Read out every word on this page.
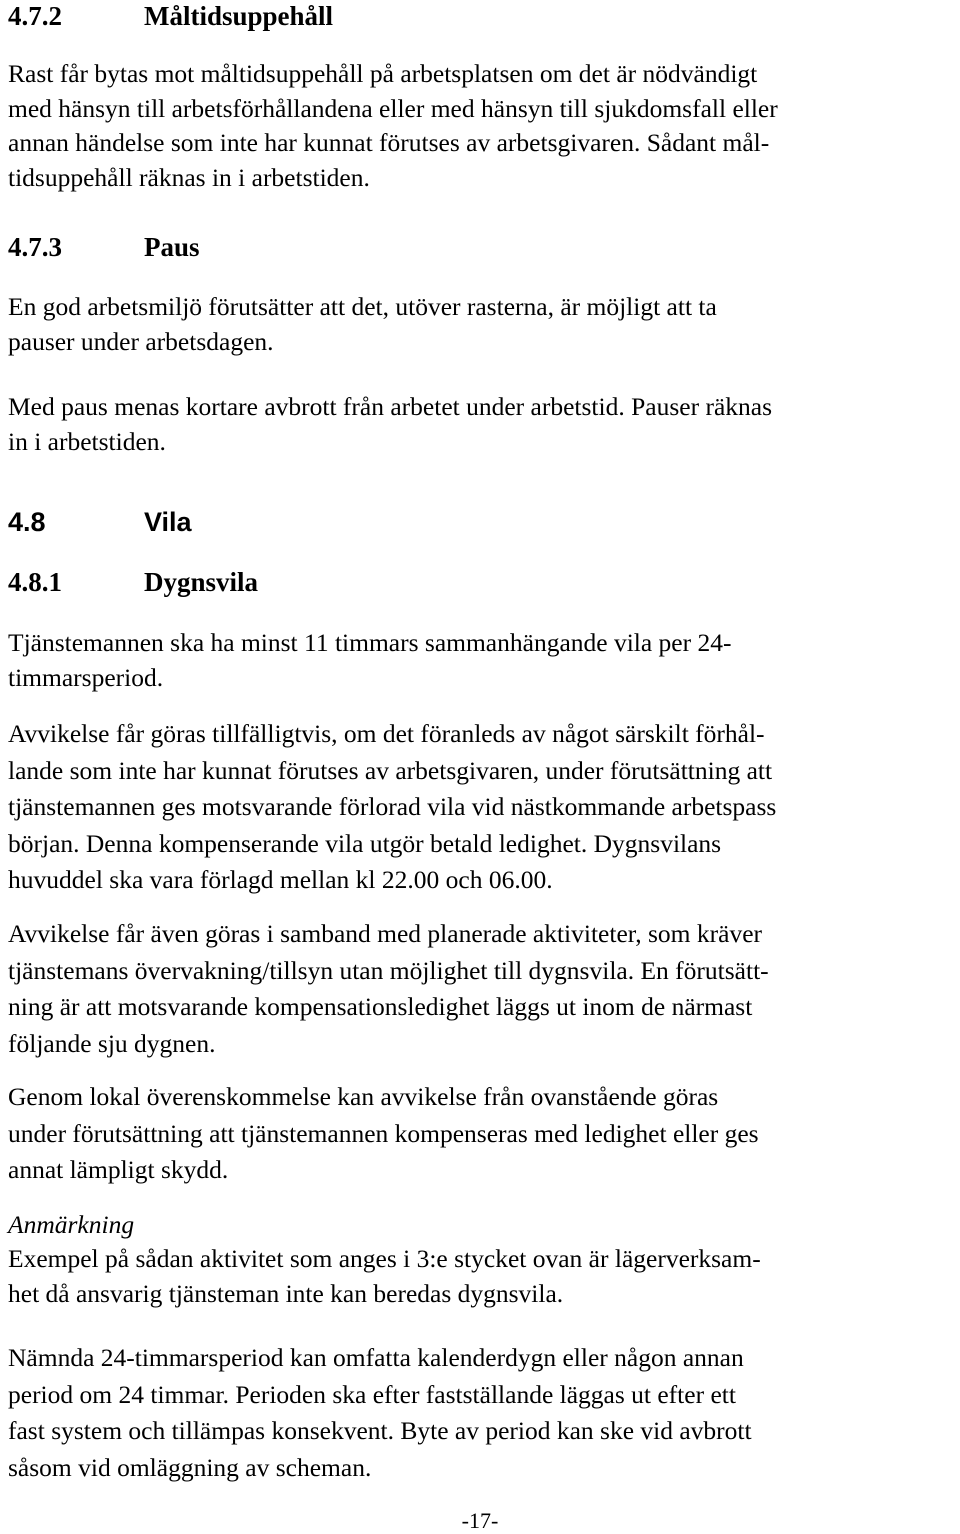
4.7.2	Måltidsuppehåll

Rast får bytas mot måltidsuppehåll på arbetsplatsen om det är nödvändigt
med hänsyn till arbetsförhållandena eller med hänsyn till sjukdomsfall eller
annan händelse som inte har kunnat förutses av arbetsgivaren. Sådant mål-
tidsuppehåll räknas in i arbetstiden.

4.7.3	Paus

En god arbetsmiljö förutsätter att det, utöver rasterna, är möjligt att ta
pauser under arbetsdagen.

Med paus menas kortare avbrott från arbetet under arbetstid. Pauser räknas
in i arbetstiden.

4.8	Vila
4.8.1	Dygnsvila

Tjänstemannen ska ha minst 11 timmars sammanhängande vila per 24-
timmarsperiod.

Avvikelse får göras tillfälligtvis, om det föranleds av något särskilt förhål-
lande som inte har kunnat förutses av arbetsgivaren, under förutsättning att
tjänstemannen ges motsvarande förlorad vila vid nästkommande arbetspass
början. Denna kompenserande vila utgör betald ledighet. Dygnsvilans
huvuddel ska vara förlagd mellan kl 22.00 och 06.00.

Avvikelse får även göras i samband med planerade aktiviteter, som kräver
tjänstemans övervakning/tillsyn utan möjlighet till dygnsvila. En förutsätt-
ning är att motsvarande kompensationsledighet läggs ut inom de närmast
följande sju dygnen.

Genom lokal överenskommelse kan avvikelse från ovanstående göras
under förutsättning att tjänstemannen kompenseras med ledighet eller ges
annat lämpligt skydd.

Anmärkning

Exempel på sådan aktivitet som anges i 3:e stycket ovan är lägerverksam-
het då ansvarig tjänsteman inte kan beredas dygnsvila.

Nämnda 24-timmarsperiod kan omfatta kalenderdygn eller någon annan
period om 24 timmar. Perioden ska efter fastställande läggas ut efter ett
fast system och tillämpas konsekvent. Byte av period kan ske vid avbrott
såsom vid omläggning av scheman.

-17-
